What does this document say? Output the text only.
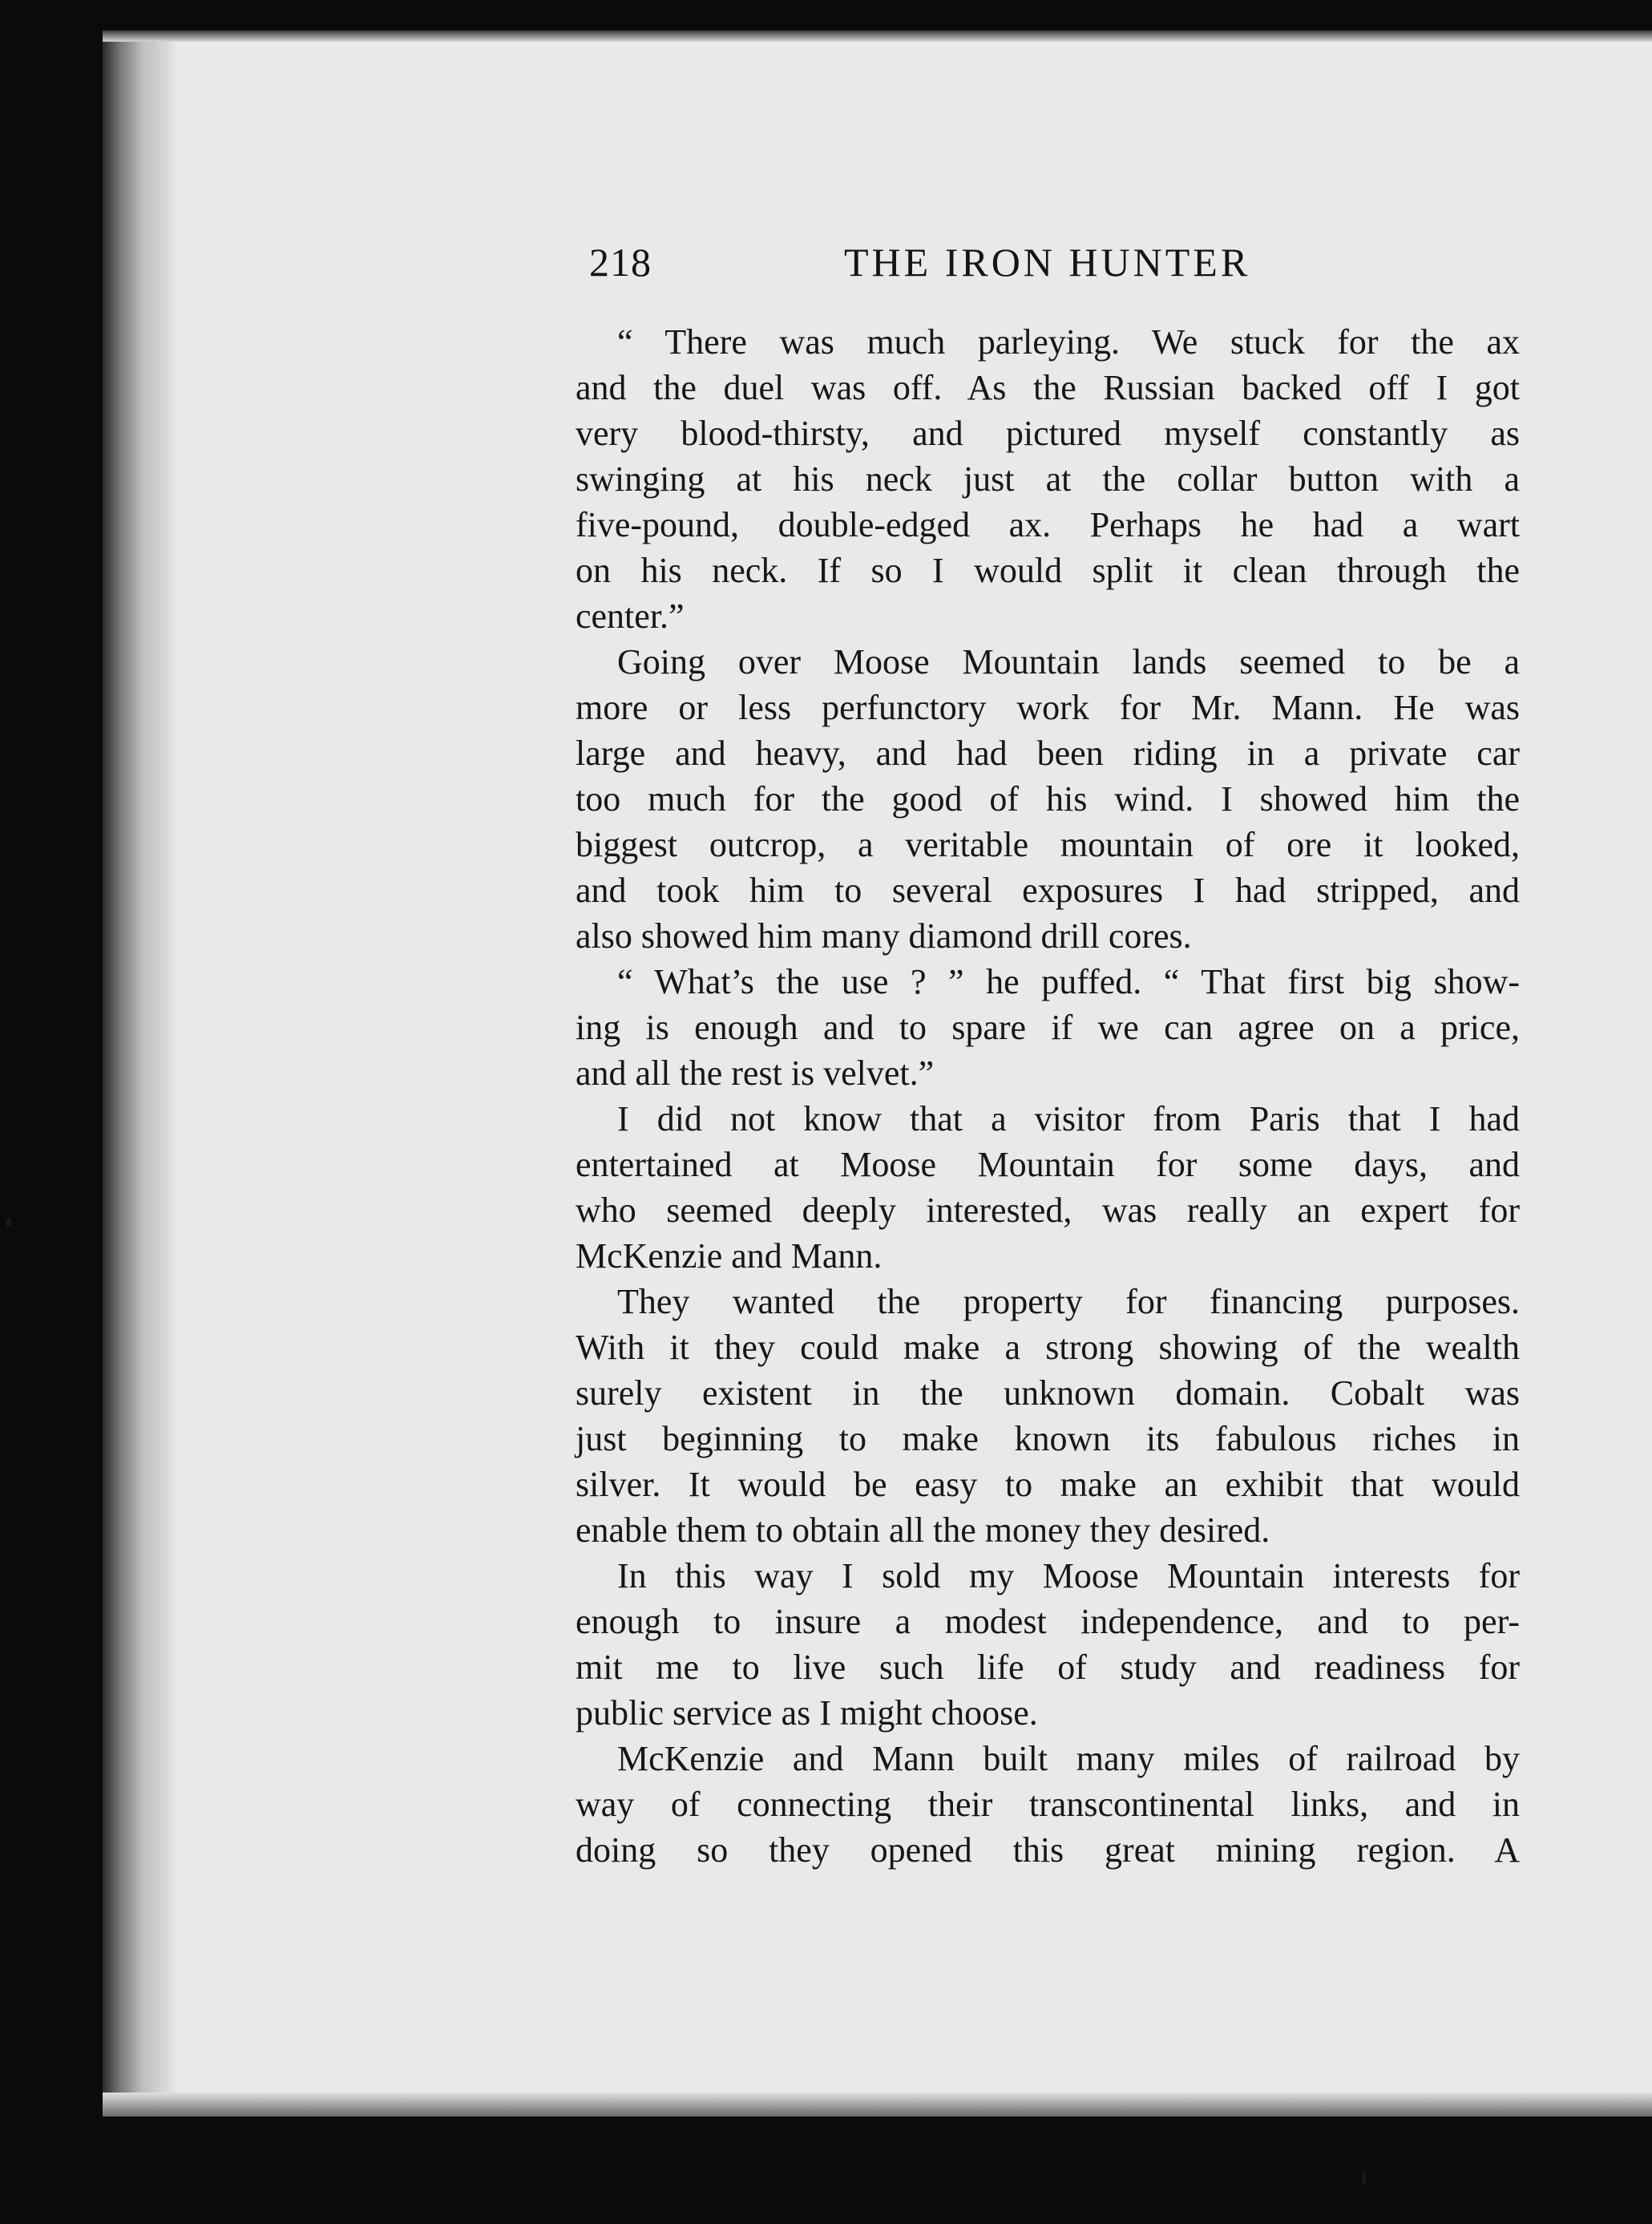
218	THE IRON HUNTER
“ There was much parleying. We stuck for the ax
and the duel was off. As the Russian backed off I got
very blood-thirsty, and pictured myself constantly as
swinging at his neck just at the collar button with a
five-pound, double-edged ax. Perhaps he had a wart
on his neck. If so I would split it clean through the
center.”
Going over Moose Mountain lands seemed to be a
more or less perfunctory work for Mr. Mann. He was
large and heavy, and had been riding in a private car
too much for the good of his wind. I showed him the
biggest outcrop, a veritable mountain of ore it looked,
and took him to several exposures I had stripped, and
also showed him many diamond drill cores.
“ What’s the use ? ” he puffed. “ That first big show-
ing is enough and to spare if we can agree on a price,
and all the rest is velvet.”
I did not know that a visitor from Paris that I had
entertained at Moose Mountain for some days, and
who seemed deeply interested, was really an expert for
McKenzie and Mann.
They wanted the property for financing purposes.
With it they could make a strong showing of the wealth
surely existent in the unknown domain. Cobalt was
just beginning to make known its fabulous riches in
silver. It would be easy to make an exhibit that would
enable them to obtain all the money they desired.
In this way I sold my Moose Mountain interests for
enough to insure a modest independence, and to per-
mit me to live such life of study and readiness for
public service as I might choose.
McKenzie and Mann built many miles of railroad by
way of connecting their transcontinental links, and in
doing so they opened this great mining region. A
